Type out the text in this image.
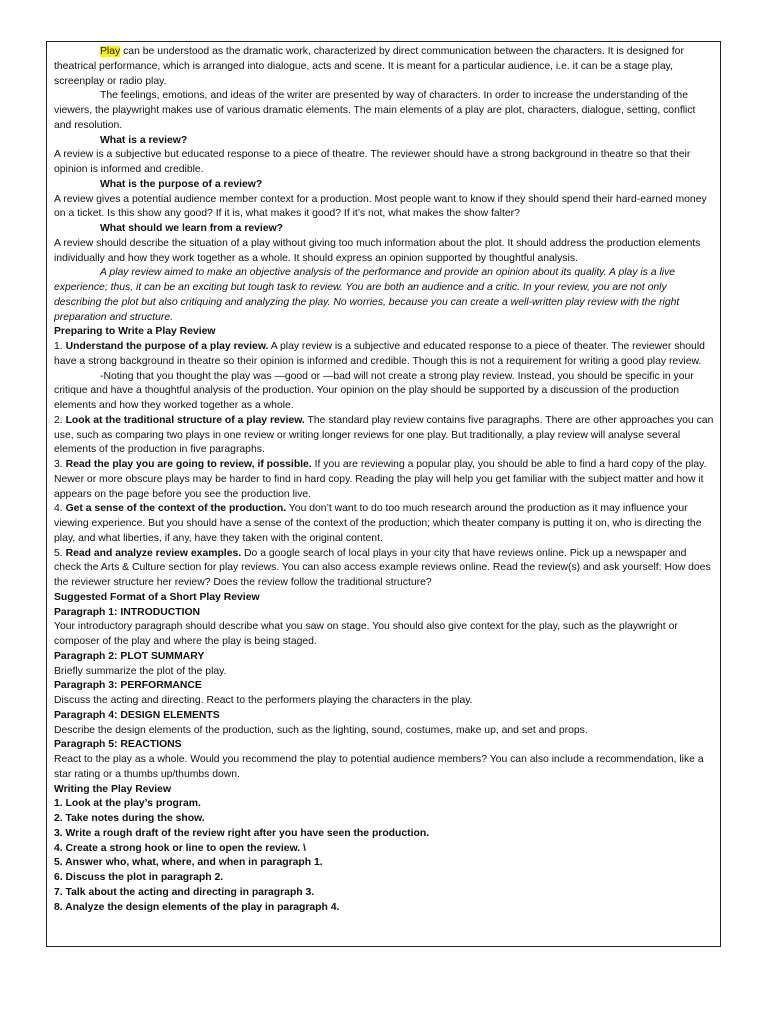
Play can be understood as the dramatic work, characterized by direct communication between the characters. It is designed for theatrical performance, which is arranged into dialogue, acts and scene. It is meant for a particular audience, i.e. it can be a stage play, screenplay or radio play.

The feelings, emotions, and ideas of the writer are presented by way of characters. In order to increase the understanding of the viewers, the playwright makes use of various dramatic elements. The main elements of a play are plot, characters, dialogue, setting, conflict and resolution.

What is a review?

A review is a subjective but educated response to a piece of theatre. The reviewer should have a strong background in theatre so that their opinion is informed and credible.

What is the purpose of a review?

A review gives a potential audience member context for a production. Most people want to know if they should spend their hard-earned money on a ticket. Is this show any good? If it is, what makes it good? If it’s not, what makes the show falter?

What should we learn from a review?

A review should describe the situation of a play without giving too much information about the plot. It should address the production elements individually and how they work together as a whole. It should express an opinion supported by thoughtful analysis.

A play review aimed to make an objective analysis of the performance and provide an opinion about its quality. A play is a live experience; thus, it can be an exciting but tough task to review. You are both an audience and a critic. In your review, you are not only describing the plot but also critiquing and analyzing the play. No worries, because you can create a well-written play review with the right preparation and structure.

Preparing to Write a Play Review

1. Understand the purpose of a play review. A play review is a subjective and educated response to a piece of theater. The reviewer should have a strong background in theatre so their opinion is informed and credible. Though this is not a requirement for writing a good play review.

-Noting that you thought the play was —good or —bad will not create a strong play review. Instead, you should be specific in your critique and have a thoughtful analysis of the production. Your opinion on the play should be supported by a discussion of the production elements and how they worked together as a whole.

2. Look at the traditional structure of a play review. The standard play review contains five paragraphs. There are other approaches you can use, such as comparing two plays in one review or writing longer reviews for one play. But traditionally, a play review will analyse several elements of the production in five paragraphs.

3. Read the play you are going to review, if possible. If you are reviewing a popular play, you should be able to find a hard copy of the play. Newer or more obscure plays may be harder to find in hard copy. Reading the play will help you get familiar with the subject matter and how it appears on the page before you see the production live.

4. Get a sense of the context of the production. You don’t want to do too much research around the production as it may influence your viewing experience. But you should have a sense of the context of the production; which theater company is putting it on, who is directing the play, and what liberties, if any, have they taken with the original content.

5. Read and analyze review examples. Do a google search of local plays in your city that have reviews online. Pick up a newspaper and check the Arts & Culture section for play reviews. You can also access example reviews online. Read the review(s) and ask yourself: How does the reviewer structure her review? Does the review follow the traditional structure?

Suggested Format of a Short Play Review

Paragraph 1: INTRODUCTION

Your introductory paragraph should describe what you saw on stage. You should also give context for the play, such as the playwright or composer of the play and where the play is being staged.

Paragraph 2: PLOT SUMMARY

Briefly summarize the plot of the play.

Paragraph 3: PERFORMANCE

Discuss the acting and directing. React to the performers playing the characters in the play.

Paragraph 4: DESIGN ELEMENTS

Describe the design elements of the production, such as the lighting, sound, costumes, make up, and set and props.

Paragraph 5: REACTIONS

React to the play as a whole. Would you recommend the play to potential audience members? You can also include a recommendation, like a star rating or a thumbs up/thumbs down.

Writing the Play Review

1. Look at the play’s program.

2. Take notes during the show.

3. Write a rough draft of the review right after you have seen the production.

4. Create a strong hook or line to open the review. \

5. Answer who, what, where, and when in paragraph 1.

6. Discuss the plot in paragraph 2.

7. Talk about the acting and directing in paragraph 3.

8. Analyze the design elements of the play in paragraph 4.
